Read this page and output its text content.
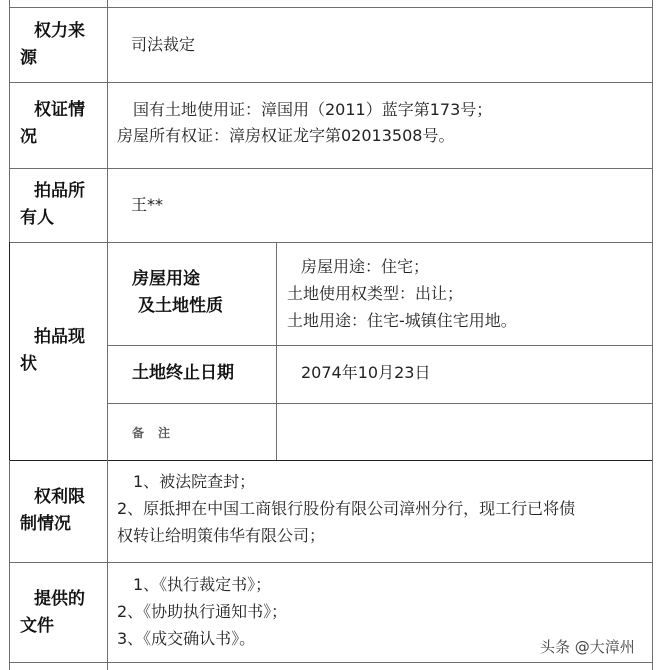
权力来
源
司法裁定
权证情
况
国有土地使用证：漳国用（2011）蓝字第173号；
房屋所有权证：漳房权证龙字第02013508号。
拍品所
有人
王**
拍品现
状
房屋用途
及土地性质
房屋用途：住宅；
土地使用权类型：出让；
土地用途：住宅-城镇住宅用地。
土地终止日期	2074年10月23日
备　注
权利限
制情况
1、被法院查封；
2、原抵押在中国工商银行股份有限公司漳州分行，现工行已将债
权转让给明策伟华有限公司；
提供的
文件
1、《执行裁定书》；
2、《协助执行通知书》；
3、《成交确认书》。	头条 @大漳州
